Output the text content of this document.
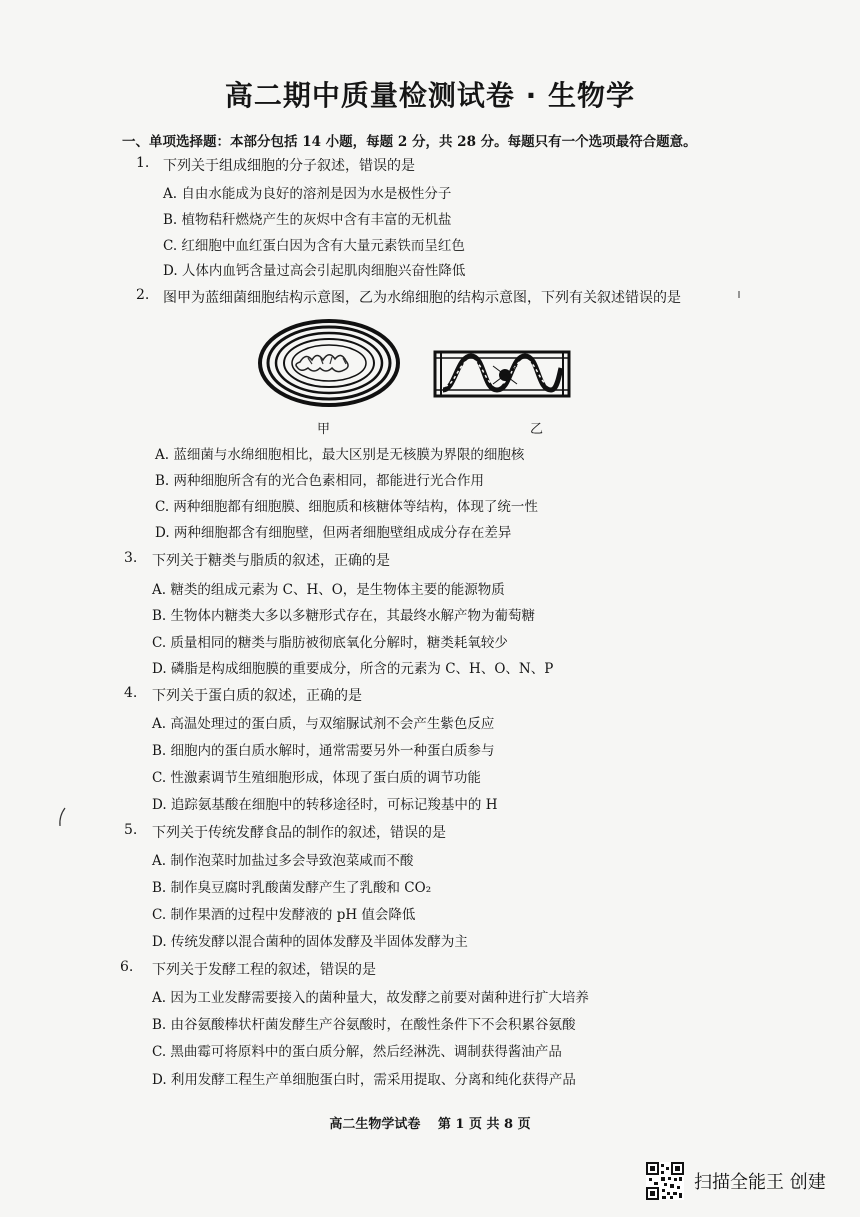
高二期中质量检测试卷 · 生物学
一、单项选择题：本部分包括 14 小题，每题 2 分，共 28 分。每题只有一个选项最符合题意。
1. 下列关于组成细胞的分子叙述，错误的是
A. 自由水能成为良好的溶剂是因为水是极性分子
B. 植物秸秆燃烧产生的灰烬中含有丰富的无机盐
C. 红细胞中血红蛋白因为含有大量元素铁而呈红色
D. 人体内血钙含量过高会引起肌肉细胞兴奋性降低
2. 图甲为蓝细菌细胞结构示意图，乙为水绵细胞的结构示意图，下列有关叙述错误的是
甲	乙
A. 蓝细菌与水绵细胞相比，最大区别是无核膜为界限的细胞核
B. 两种细胞所含有的光合色素相同，都能进行光合作用
C. 两种细胞都有细胞膜、细胞质和核糖体等结构，体现了统一性
D. 两种细胞都含有细胞壁，但两者细胞壁组成成分存在差异
3. 下列关于糖类与脂质的叙述，正确的是
A. 糖类的组成元素为 C、H、O，是生物体主要的能源物质
B. 生物体内糖类大多以多糖形式存在，其最终水解产物为葡萄糖
C. 质量相同的糖类与脂肪被彻底氧化分解时，糖类耗氧较少
D. 磷脂是构成细胞膜的重要成分，所含的元素为 C、H、O、N、P
4. 下列关于蛋白质的叙述，正确的是
A. 高温处理过的蛋白质，与双缩脲试剂不会产生紫色反应
B. 细胞内的蛋白质水解时，通常需要另外一种蛋白质参与
C. 性激素调节生殖细胞形成，体现了蛋白质的调节功能
D. 追踪氨基酸在细胞中的转移途径时，可标记羧基中的 H
5. 下列关于传统发酵食品的制作的叙述，错误的是
A. 制作泡菜时加盐过多会导致泡菜咸而不酸
B. 制作臭豆腐时乳酸菌发酵产生了乳酸和 CO₂
C. 制作果酒的过程中发酵液的 pH 值会降低
D. 传统发酵以混合菌种的固体发酵及半固体发酵为主
6. 下列关于发酵工程的叙述，错误的是
A. 因为工业发酵需要接入的菌种量大，故发酵之前要对菌种进行扩大培养
B. 由谷氨酸棒状杆菌发酵生产谷氨酸时，在酸性条件下不会积累谷氨酸
C. 黑曲霉可将原料中的蛋白质分解，然后经淋洗、调制获得酱油产品
D. 利用发酵工程生产单细胞蛋白时，需采用提取、分离和纯化获得产品
高二生物学试卷　 第 1 页 共 8 页
扫描全能王 创建
